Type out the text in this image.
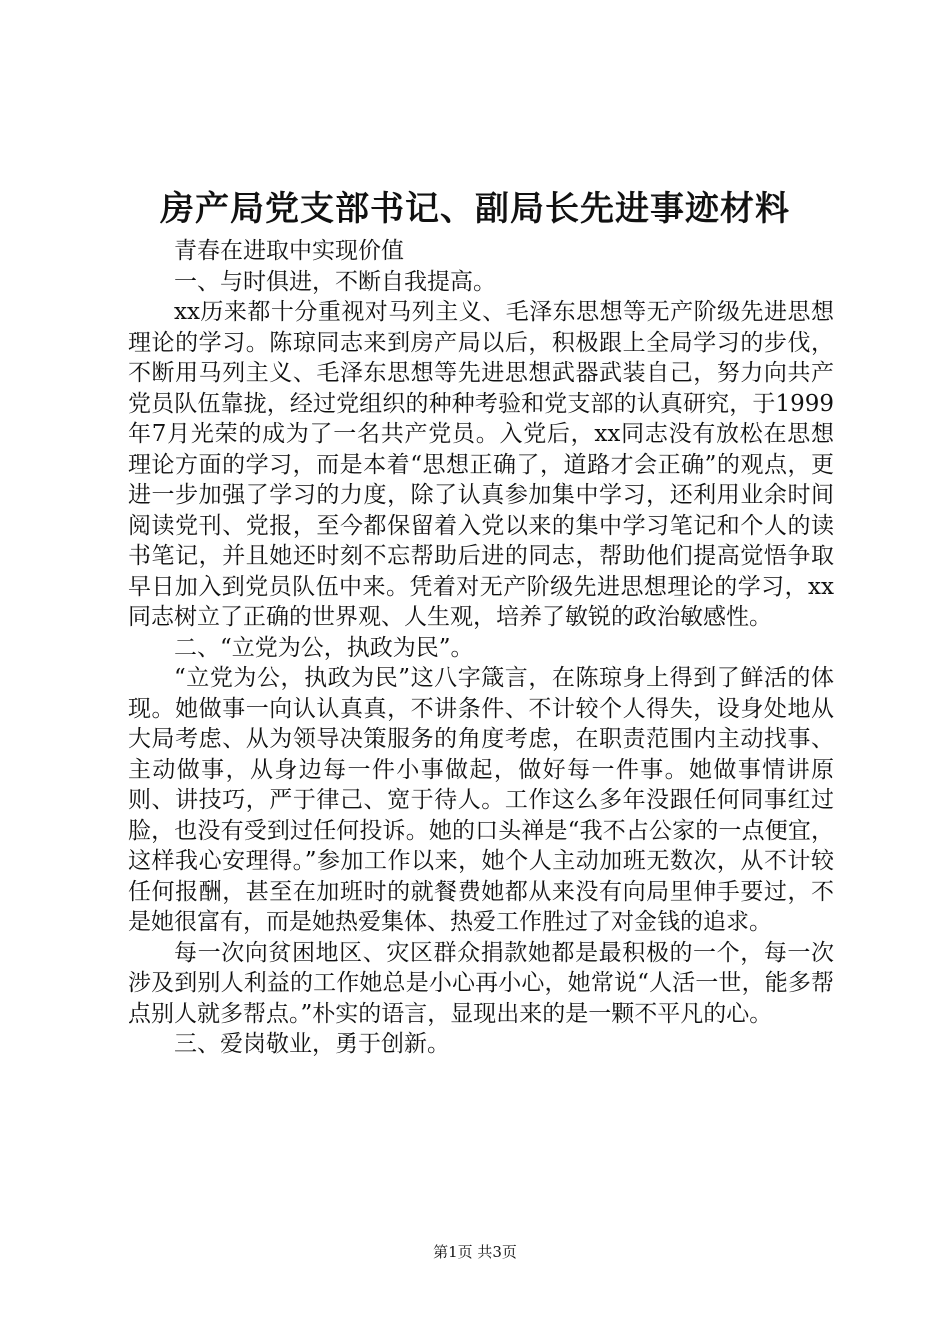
房产局党支部书记、副局长先进事迹材料

青春在进取中实现价值

一、与时俱进，不断自我提高。

xx历来都十分重视对马列主义、毛泽东思想等无产阶级先进思想理论的学习。陈琼同志来到房产局以后，积极跟上全局学习的步伐，不断用马列主义、毛泽东思想等先进思想武器武装自己，努力向共产党员队伍靠拢，经过党组织的种种考验和党支部的认真研究，于1999年7月光荣的成为了一名共产党员。入党后，xx同志没有放松在思想理论方面的学习，而是本着“思想正确了，道路才会正确”的观点，更进一步加强了学习的力度，除了认真参加集中学习，还利用业余时间阅读党刊、党报，至今都保留着入党以来的集中学习笔记和个人的读书笔记，并且她还时刻不忘帮助后进的同志，帮助他们提高觉悟争取早日加入到党员队伍中来。凭着对无产阶级先进思想理论的学习，xx同志树立了正确的世界观、人生观，培养了敏锐的政治敏感性。

二、“立党为公，执政为民”。

“立党为公，执政为民”这八字箴言，在陈琼身上得到了鲜活的体现。她做事一向认认真真，不讲条件、不计较个人得失，设身处地从大局考虑、从为领导决策服务的角度考虑，在职责范围内主动找事、主动做事，从身边每一件小事做起，做好每一件事。她做事情讲原则、讲技巧，严于律己、宽于待人。工作这么多年没跟任何同事红过脸，也没有受到过任何投诉。她的口头禅是“我不占公家的一点便宜，这样我心安理得。”参加工作以来，她个人主动加班无数次，从不计较任何报酬，甚至在加班时的就餐费她都从来没有向局里伸手要过，不是她很富有，而是她热爱集体、热爱工作胜过了对金钱的追求。

每一次向贫困地区、灾区群众捐款她都是最积极的一个，每一次涉及到别人利益的工作她总是小心再小心，她常说“人活一世，能多帮点别人就多帮点。”朴实的语言，显现出来的是一颗不平凡的心。

三、爱岗敬业，勇于创新。

第1页 共3页
